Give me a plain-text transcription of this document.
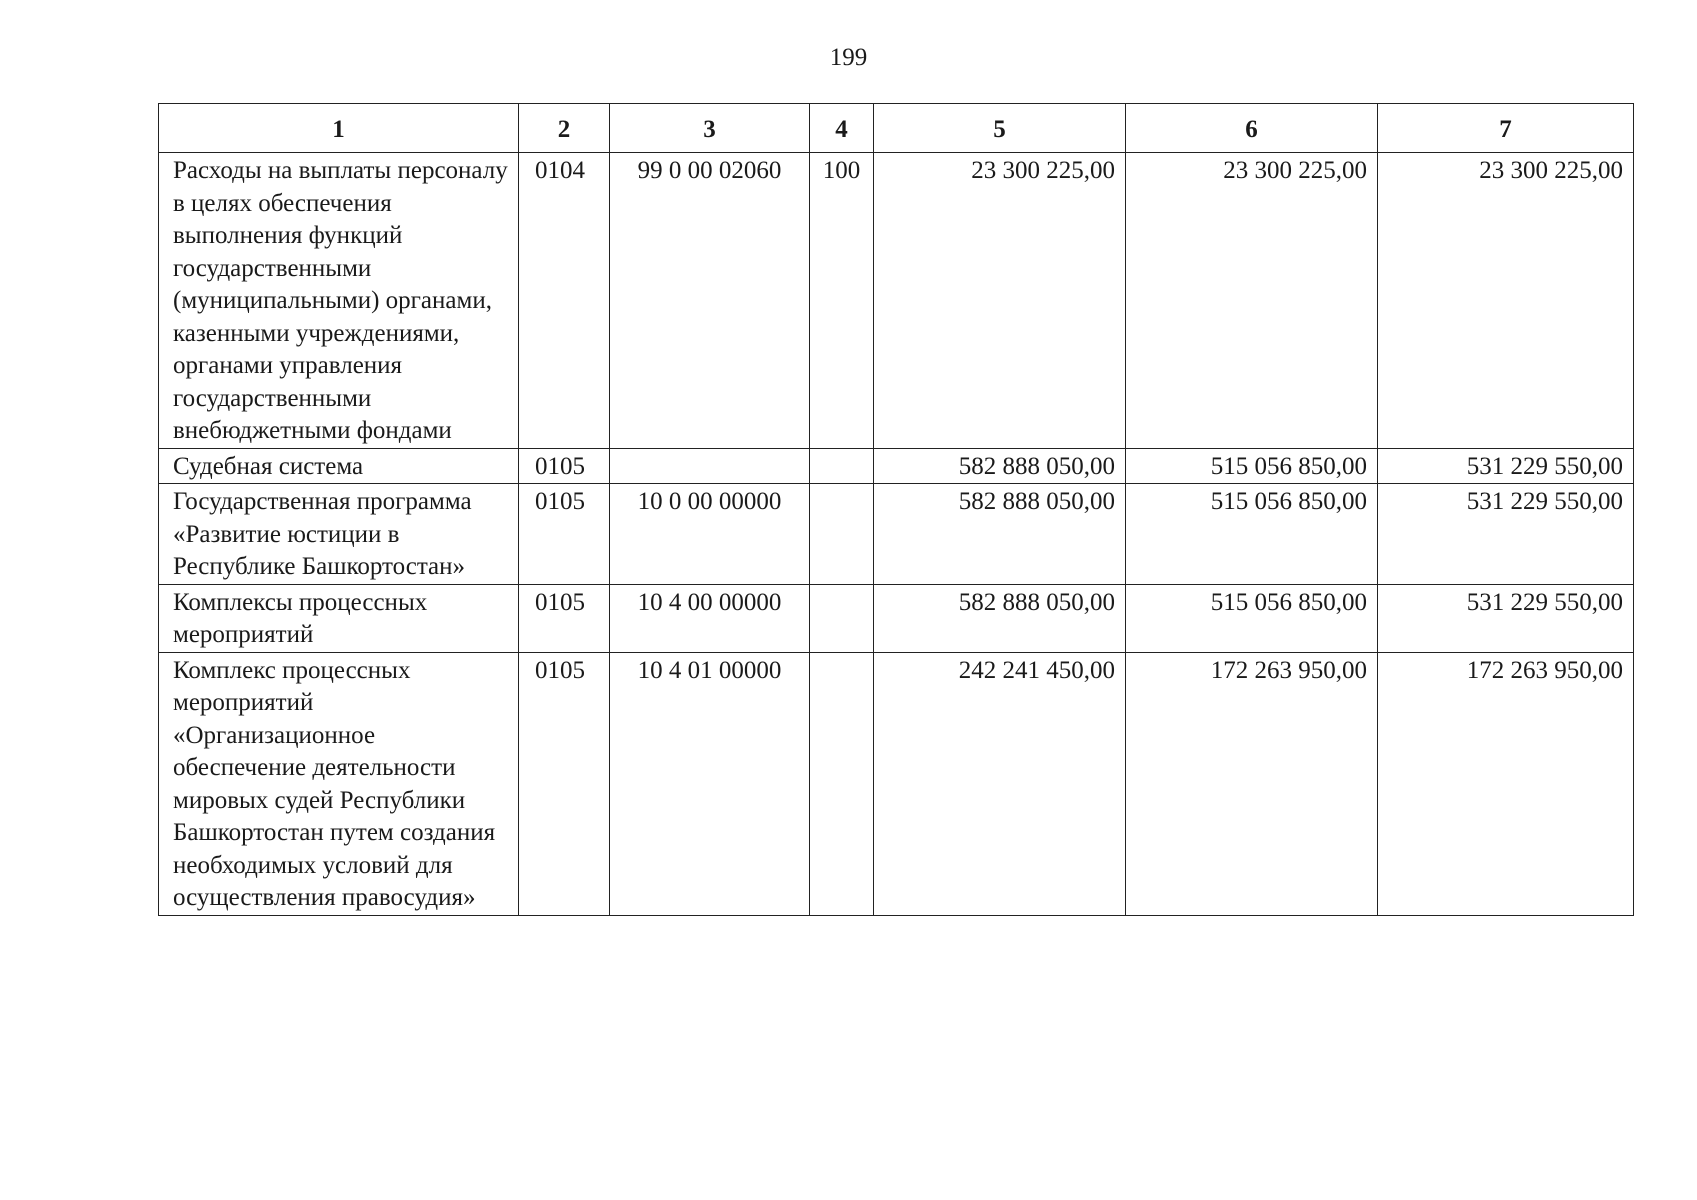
199
1	2	3	4	5	6	7
Расходы на выплаты персоналу в целях обеспечения выполнения функций государственными (муниципальными) органами, казенными учреждениями, органами управления государственными внебюджетными фондами	0104	99 0 00 02060	100	23 300 225,00	23 300 225,00	23 300 225,00
Судебная система	0105			582 888 050,00	515 056 850,00	531 229 550,00
Государственная программа «Развитие юстиции в Республике Башкортостан»	0105	10 0 00 00000		582 888 050,00	515 056 850,00	531 229 550,00
Комплексы процессных мероприятий	0105	10 4 00 00000		582 888 050,00	515 056 850,00	531 229 550,00
Комплекс процессных мероприятий «Организационное обеспечение деятельности мировых судей Республики Башкортостан путем создания необходимых условий для осуществления правосудия»	0105	10 4 01 00000		242 241 450,00	172 263 950,00	172 263 950,00
